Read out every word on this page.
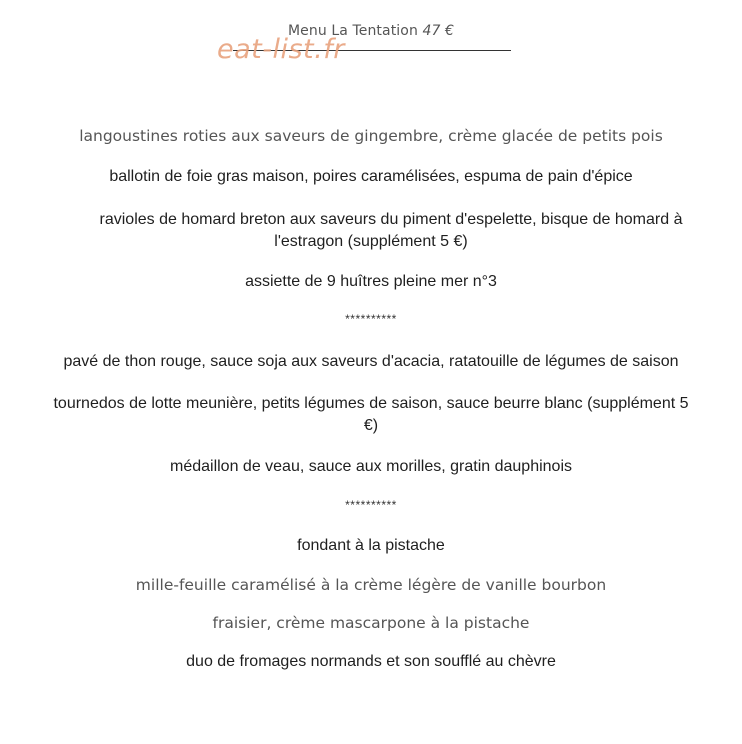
Menu La Tentation 47 €
eat-list.fr

langoustines roties aux saveurs de gingembre, crème glacée de petits pois

ballotin de foie gras maison, poires caramélisées, espuma de pain d'épice

ravioles de homard breton aux saveurs du piment d'espelette, bisque de homard à

l'estragon (supplément 5 €)

assiette de 9 huîtres pleine mer n°3

**********

pavé de thon rouge, sauce soja aux saveurs d'acacia, ratatouille de légumes de saison

tournedos de lotte meunière, petits légumes de saison, sauce beurre blanc (supplément 5

€)

médaillon de veau, sauce aux morilles, gratin dauphinois

**********

fondant à la pistache

mille-feuille caramélisé à la crème légère de vanille bourbon

fraisier, crème mascarpone à la pistache

duo de fromages normands et son soufflé au chèvre
